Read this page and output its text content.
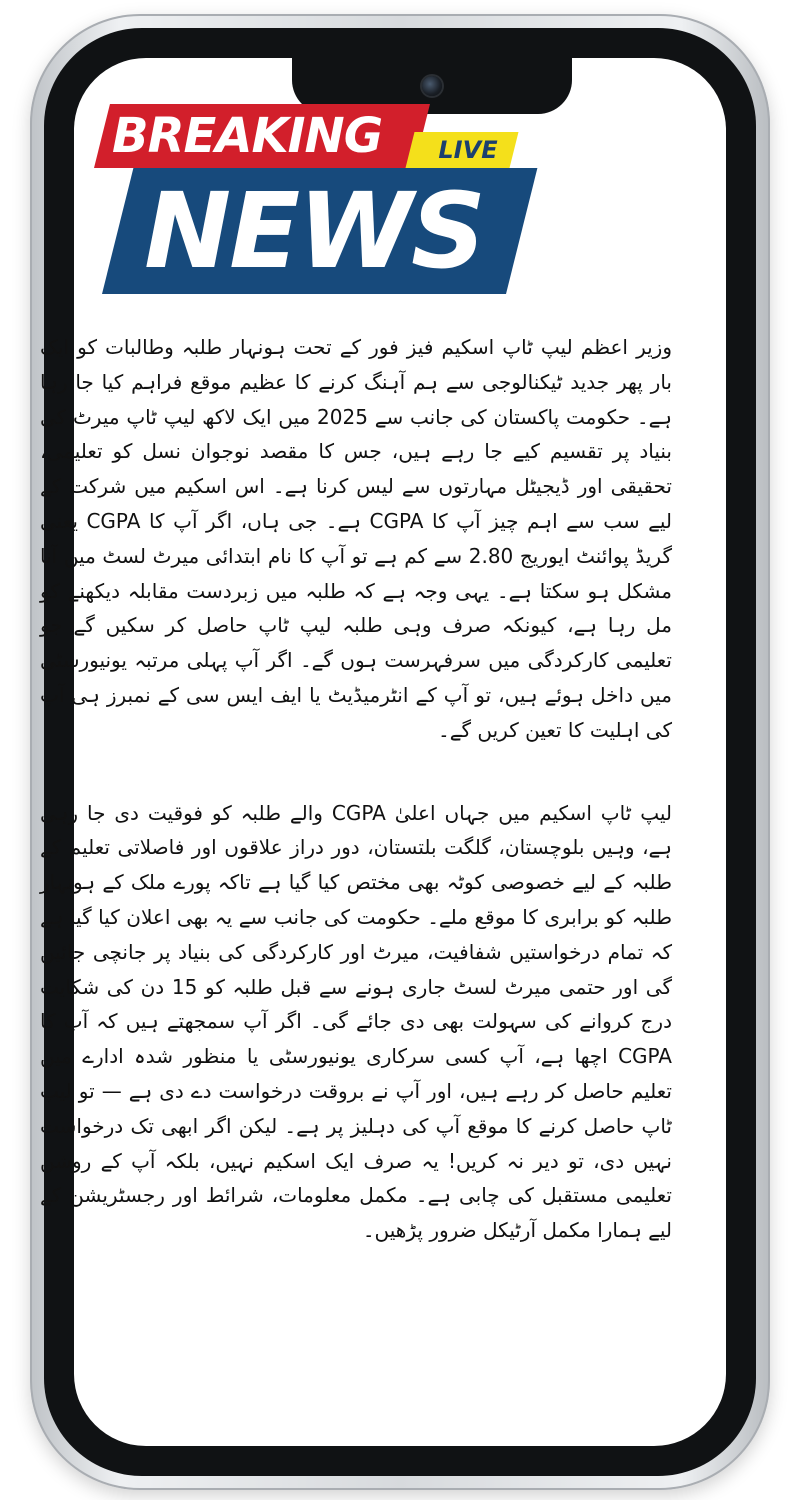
BREAKING	LIVE
NEWS

وزیر اعظم لیپ ٹاپ اسکیم فیز فور کے تحت ہونہار طلبہ وطالبات کو ایک بار پھر جدید ٹیکنالوجی سے ہم آہنگ کرنے کا عظیم موقع فراہم کیا جا رہا ہے۔ حکومت پاکستان کی جانب سے 2025 میں ایک لاکھ لیپ ٹاپ میرٹ کی بنیاد پر تقسیم کیے جا رہے ہیں، جس کا مقصد نوجوان نسل کو تعلیمی، تحقیقی اور ڈیجیٹل مہارتوں سے لیس کرنا ہے۔ اس اسکیم میں شرکت کے لیے سب سے اہم چیز آپ کا CGPA ہے۔ جی ہاں، اگر آپ کا CGPA یعنی گریڈ پوائنٹ ایوریج 2.80 سے کم ہے تو آپ کا نام ابتدائی میرٹ لسٹ میں آنا مشکل ہو سکتا ہے۔ یہی وجہ ہے کہ طلبہ میں زبردست مقابلہ دیکھنے کو مل رہا ہے، کیونکہ صرف وہی طلبہ لیپ ٹاپ حاصل کر سکیں گے جو تعلیمی کارکردگی میں سرفہرست ہوں گے۔ اگر آپ پہلی مرتبہ یونیورسٹی میں داخل ہوئے ہیں، تو آپ کے انٹرمیڈیٹ یا ایف ایس سی کے نمبرز ہی آپ کی اہلیت کا تعین کریں گے۔

لیپ ٹاپ اسکیم میں جہاں اعلیٰ CGPA والے طلبہ کو فوقیت دی جا رہی ہے، وہیں بلوچستان، گلگت بلتستان، دور دراز علاقوں اور فاصلاتی تعلیم کے طلبہ کے لیے خصوصی کوٹہ بھی مختص کیا گیا ہے تاکہ پورے ملک کے ہونہار طلبہ کو برابری کا موقع ملے۔ حکومت کی جانب سے یہ بھی اعلان کیا گیا ہے کہ تمام درخواستیں شفافیت، میرٹ اور کارکردگی کی بنیاد پر جانچی جائیں گی اور حتمی میرٹ لسٹ جاری ہونے سے قبل طلبہ کو 15 دن کی شکایت درج کروانے کی سہولت بھی دی جائے گی۔ اگر آپ سمجھتے ہیں کہ آپ کا CGPA اچھا ہے، آپ کسی سرکاری یونیورسٹی یا منظور شدہ ادارے میں تعلیم حاصل کر رہے ہیں، اور آپ نے بروقت درخواست دے دی ہے — تو لیپ ٹاپ حاصل کرنے کا موقع آپ کی دہلیز پر ہے۔ لیکن اگر ابھی تک درخواست نہیں دی، تو دیر نہ کریں! یہ صرف ایک اسکیم نہیں، بلکہ آپ کے روشن تعلیمی مستقبل کی چابی ہے۔ مکمل معلومات، شرائط اور رجسٹریشن کے لیے ہمارا مکمل آرٹیکل ضرور پڑھیں۔
